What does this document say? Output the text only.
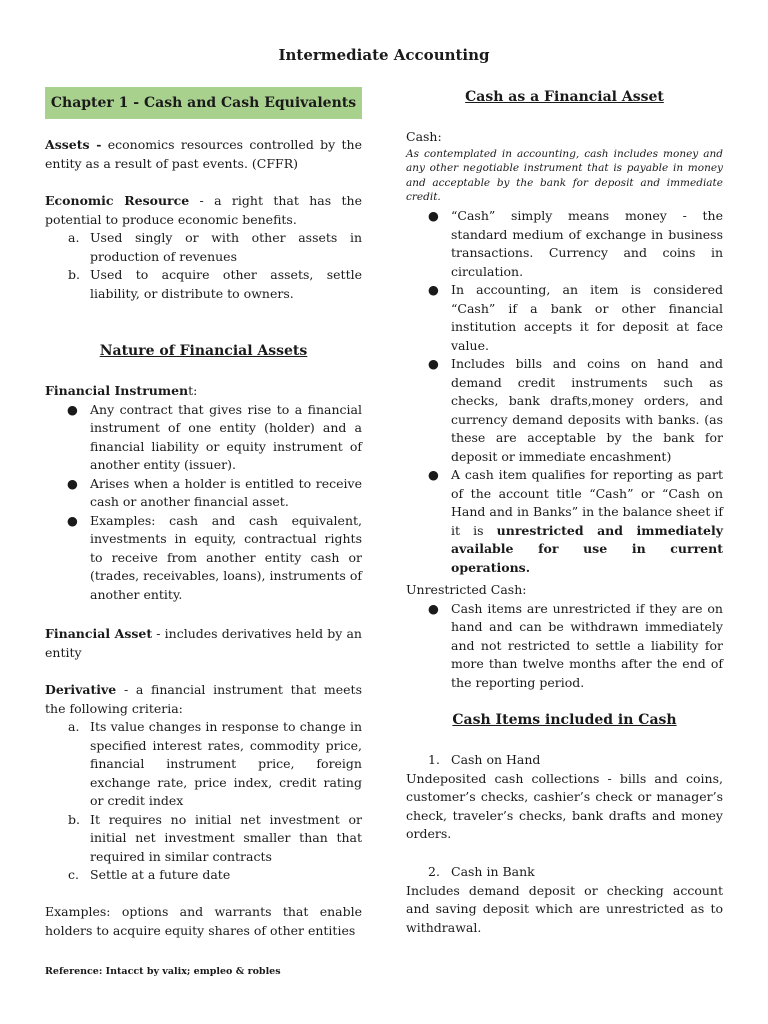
Intermediate Accounting
Chapter 1 - Cash and Cash Equivalents

Assets - economics resources controlled by the entity as a result of past events. (CFFR)

Economic Resource - a right that has the potential to produce economic benefits.

a. Used singly or with other assets in production of revenues
b. Used to acquire other assets, settle liability, or distribute to owners.
Nature of Financial Assets

Financial Instrument:

● Any contract that gives rise to a financial instrument of one entity (holder) and a financial liability or equity instrument of another entity (issuer).
● Arises when a holder is entitled to receive cash or another financial asset.
● Examples: cash and cash equivalent, investments in equity, contractual rights to receive from another entity cash or (trades, receivables, loans), instruments of another entity.

Financial Asset - includes derivatives held by an entity

Derivative - a financial instrument that meets the following criteria:

a. Its value changes in response to change in specified interest rates, commodity price, financial instrument price, foreign exchange rate, price index, credit rating or credit index
b. It requires no initial net investment or initial net investment smaller than that required in similar contracts
c. Settle at a future date

Examples: options and warrants that enable holders to acquire equity shares of other entities

Reference: Intacct by valix; empleo & robles
Cash as a Financial Asset

Cash:

As contemplated in accounting, cash includes money and any other negotiable instrument that is payable in money and acceptable by the bank for deposit and immediate credit.

● “Cash” simply means money - the standard medium of exchange in business transactions. Currency and coins in circulation.
● In accounting, an item is considered “Cash” if a bank or other financial institution accepts it for deposit at face value.
● Includes bills and coins on hand and demand credit instruments such as checks, bank drafts,money orders, and currency demand deposits with banks. (as these are acceptable by the bank for deposit or immediate encashment)
● A cash item qualifies for reporting as part of the account title “Cash” or “Cash on Hand and in Banks” in the balance sheet if it is unrestricted and immediately available for use in current operations.

Unrestricted Cash:

● Cash items are unrestricted if they are on hand and can be withdrawn immediately and not restricted to settle a liability for more than twelve months after the end of the reporting period.
Cash Items included in Cash
1. Cash on Hand

Undeposited cash collections - bills and coins, customer’s checks, cashier’s check or manager’s check, traveler’s checks, bank drafts and money orders.

2. Cash in Bank

Includes demand deposit or checking account and saving deposit which are unrestricted as to withdrawal.
